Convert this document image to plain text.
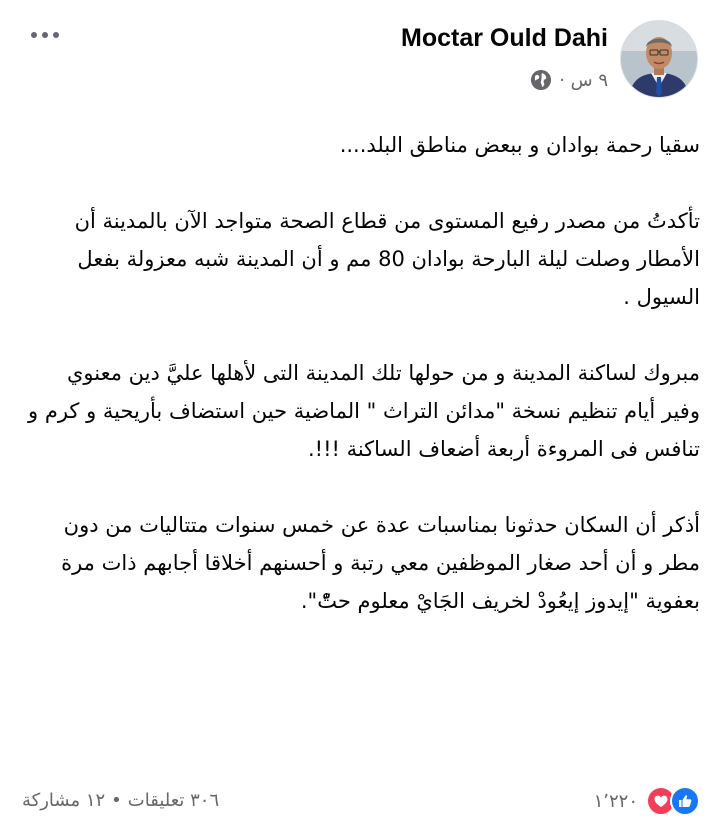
Moctar Ould Dahi
٩ س ·

سقيا رحمة بوادان و ببعض مناطق البلد....

تأكدتُ من مصدر رفيع المستوى من قطاع الصحة متواجد الآن بالمدينة أن الأمطار وصلت ليلة البارحة بوادان 80 مم و أن المدينة شبه معزولة بفعل السيول .

مبروك لساكنة المدينة و من حولها تلك المدينة التى لأهلها عليَّ دين معنوي وفير أيام تنظيم نسخة "مدائن التراث " الماضية حين استضاف بأريحية و كرم و تنافس فى المروءة أربعة أضعاف الساكنة !!!.

أذكر أن السكان حدثونا بمناسبات عدة عن خمس سنوات متتاليات من دون مطر و أن أحد صغار الموظفين معي رتبة و أحسنهم أخلاقا أجابهم ذات مرة بعفوية "إيدوز إيعُودْ لخريف الجَايْ معلوم حتّْ".

١٬٢٢٠
٣٠٦ تعليقات
•
١٢ مشاركة
